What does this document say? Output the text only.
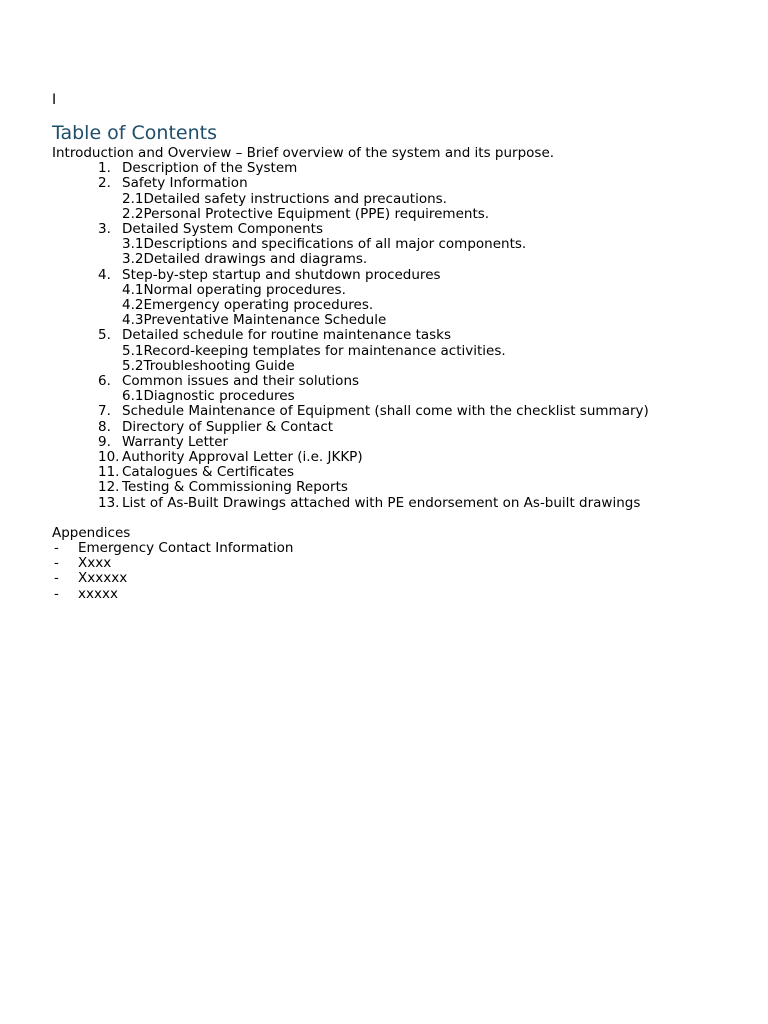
I
Table of Contents
Introduction and Overview – Brief overview of the system and its purpose.
1. Description of the System
2. Safety Information
2.1Detailed safety instructions and precautions.
2.2Personal Protective Equipment (PPE) requirements.
3. Detailed System Components
3.1Descriptions and specifications of all major components.
3.2Detailed drawings and diagrams.
4. Step-by-step startup and shutdown procedures
4.1Normal operating procedures.
4.2Emergency operating procedures.
4.3Preventative Maintenance Schedule
5. Detailed schedule for routine maintenance tasks
5.1Record-keeping templates for maintenance activities.
5.2Troubleshooting Guide
6. Common issues and their solutions
6.1Diagnostic procedures
7. Schedule Maintenance of Equipment (shall come with the checklist summary)
8. Directory of Supplier & Contact
9. Warranty Letter
10. Authority Approval Letter (i.e. JKKP)
11. Catalogues & Certificates
12. Testing & Commissioning Reports
13. List of As-Built Drawings attached with PE endorsement on As-built drawings
Appendices
- Emergency Contact Information
- Xxxx
- Xxxxxx
- xxxxx
